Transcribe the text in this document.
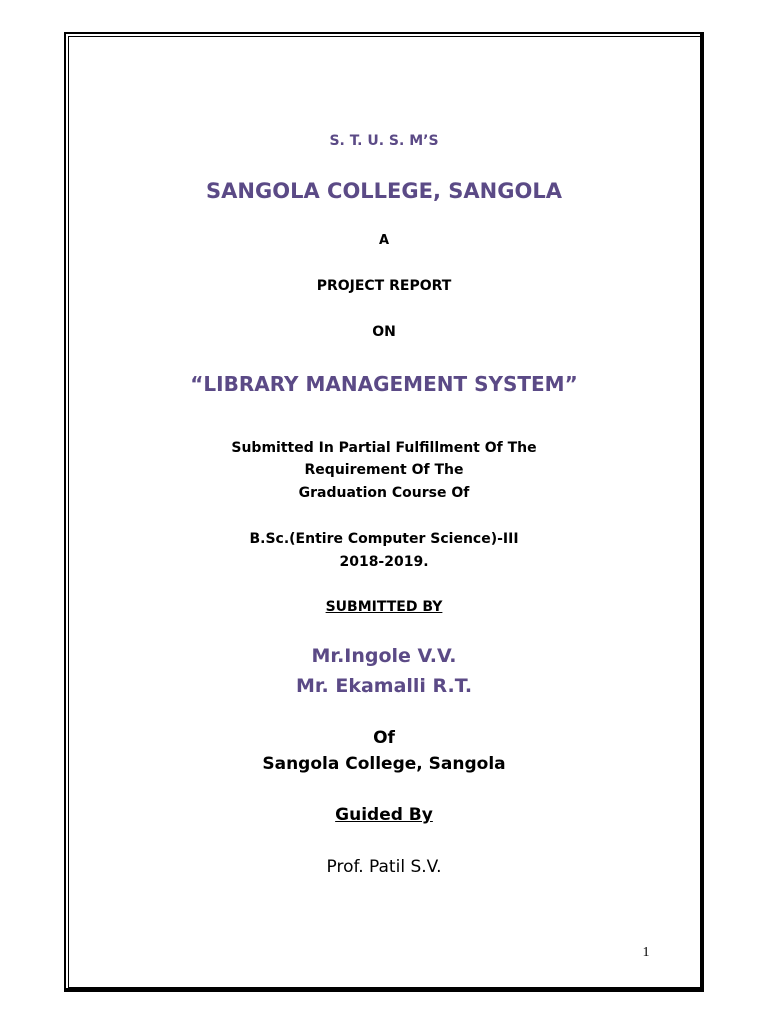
S. T. U. S. M’S
SANGOLA COLLEGE, SANGOLA
A
PROJECT REPORT
ON
“LIBRARY MANAGEMENT SYSTEM”
Submitted In Partial Fulfillment Of The
Requirement Of The
Graduation Course Of
B.Sc.(Entire Computer Science)-III
2018-2019.
SUBMITTED BY
Mr.Ingole V.V.
Mr. Ekamalli R.T.
Of
Sangola College, Sangola
Guided By
Prof. Patil S.V.
1
